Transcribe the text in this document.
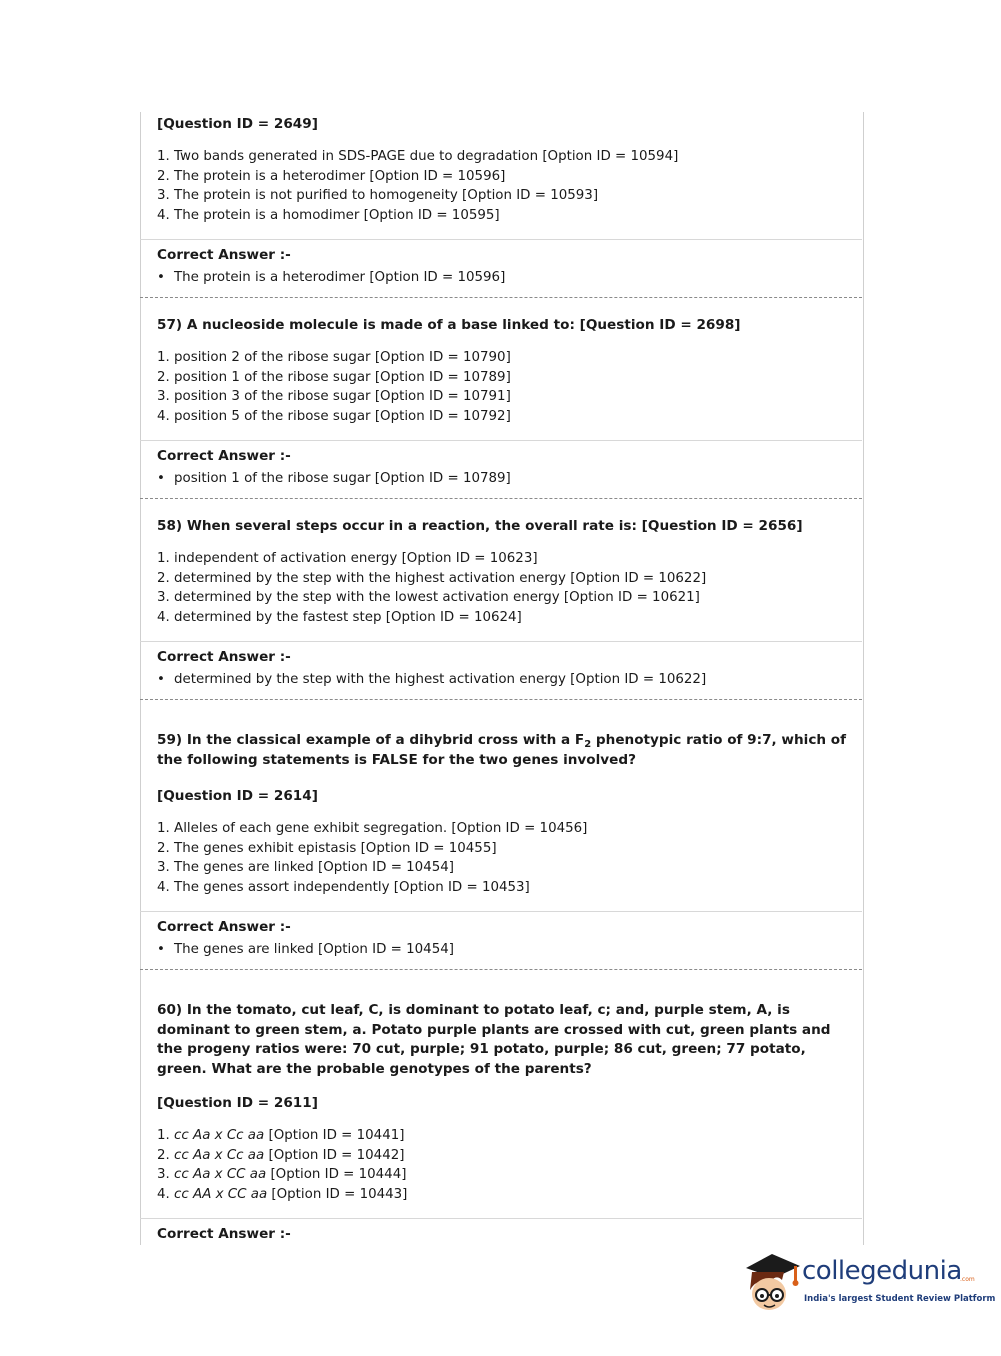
[Question ID = 2649]
1. Two bands generated in SDS-PAGE due to degradation [Option ID = 10594]
2. The protein is a heterodimer [Option ID = 10596]
3. The protein is not purified to homogeneity [Option ID = 10593]
4. The protein is a homodimer [Option ID = 10595]
Correct Answer :-
• The protein is a heterodimer [Option ID = 10596]
57) A nucleoside molecule is made of a base linked to: [Question ID = 2698]
1. position 2 of the ribose sugar [Option ID = 10790]
2. position 1 of the ribose sugar [Option ID = 10789]
3. position 3 of the ribose sugar [Option ID = 10791]
4. position 5 of the ribose sugar [Option ID = 10792]
Correct Answer :-
• position 1 of the ribose sugar [Option ID = 10789]
58) When several steps occur in a reaction, the overall rate is: [Question ID = 2656]
1. independent of activation energy [Option ID = 10623]
2. determined by the step with the highest activation energy [Option ID = 10622]
3. determined by the step with the lowest activation energy [Option ID = 10621]
4. determined by the fastest step [Option ID = 10624]
Correct Answer :-
• determined by the step with the highest activation energy [Option ID = 10622]
59) In the classical example of a dihybrid cross with a $F_2$ phenotypic ratio of 9:7, which of the following statements is FALSE for the two genes involved?
[Question ID = 2614]
1. Alleles of each gene exhibit segregation. [Option ID = 10456]
2. The genes exhibit epistasis [Option ID = 10455]
3. The genes are linked [Option ID = 10454]
4. The genes assort independently [Option ID = 10453]
Correct Answer :-
• The genes are linked [Option ID = 10454]
60) In the tomato, cut leaf, C, is dominant to potato leaf, c; and, purple stem, A, is dominant to green stem, a. Potato purple plants are crossed with cut, green plants and the progeny ratios were: 70 cut, purple; 91 potato, purple; 86 cut, green; 77 potato, green. What are the probable genotypes of the parents?
[Question ID = 2611]
1. cc Aa x Cc aa [Option ID = 10441]
2. cc Aa x Cc aa [Option ID = 10442]
3. cc Aa x CC aa [Option ID = 10444]
4. cc AA x CC aa [Option ID = 10443]
Correct Answer :-
collegedunia
.com
India's largest Student Review Platform
